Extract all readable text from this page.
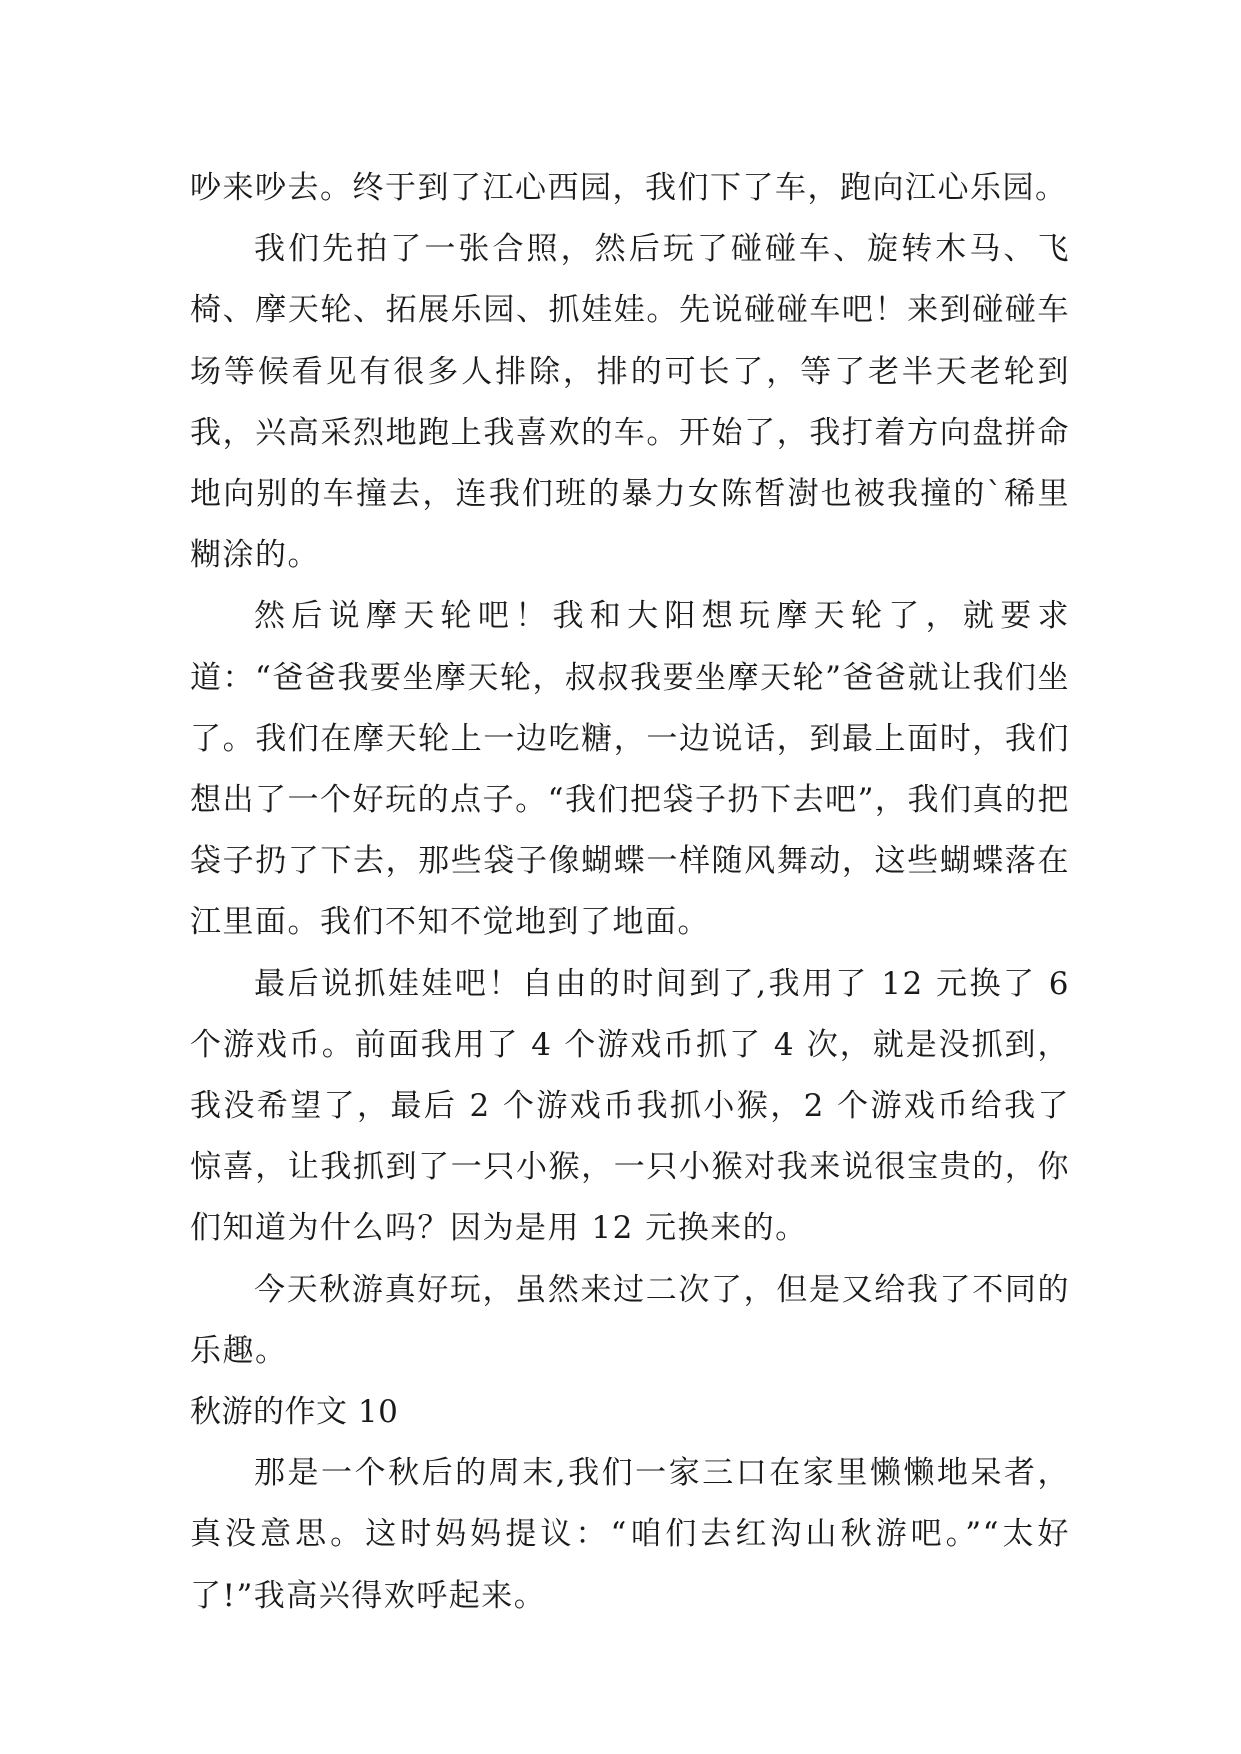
吵来吵去。终于到了江心西园，我们下了车，跑向江心乐园。

我们先拍了一张合照，然后玩了碰碰车、旋转木马、飞椅、摩天轮、拓展乐园、抓娃娃。先说碰碰车吧！来到碰碰车场等候看见有很多人排除，排的可长了，等了老半天老轮到我，兴高采烈地跑上我喜欢的车。开始了，我打着方向盘拼命地向别的车撞去，连我们班的暴力女陈皙澍也被我撞的`稀里糊涂的。

然后说摩天轮吧！我和大阳想玩摩天轮了，就要求道：“爸爸我要坐摩天轮，叔叔我要坐摩天轮”爸爸就让我们坐了。我们在摩天轮上一边吃糖，一边说话，到最上面时，我们想出了一个好玩的点子。“我们把袋子扔下去吧”，我们真的把袋子扔了下去，那些袋子像蝴蝶一样随风舞动，这些蝴蝶落在江里面。我们不知不觉地到了地面。

最后说抓娃娃吧！自由的时间到了,我用了 12 元换了 6 个游戏币。前面我用了 4 个游戏币抓了 4 次，就是没抓到，我没希望了，最后 2 个游戏币我抓小猴，2 个游戏币给我了惊喜，让我抓到了一只小猴，一只小猴对我来说很宝贵的，你们知道为什么吗？因为是用 12 元换来的。

今天秋游真好玩，虽然来过二次了，但是又给我了不同的乐趣。

秋游的作文 10

那是一个秋后的周末,我们一家三口在家里懒懒地呆者，真没意思。这时妈妈提议：“咱们去红沟山秋游吧。”“太好了!”我高兴得欢呼起来。
